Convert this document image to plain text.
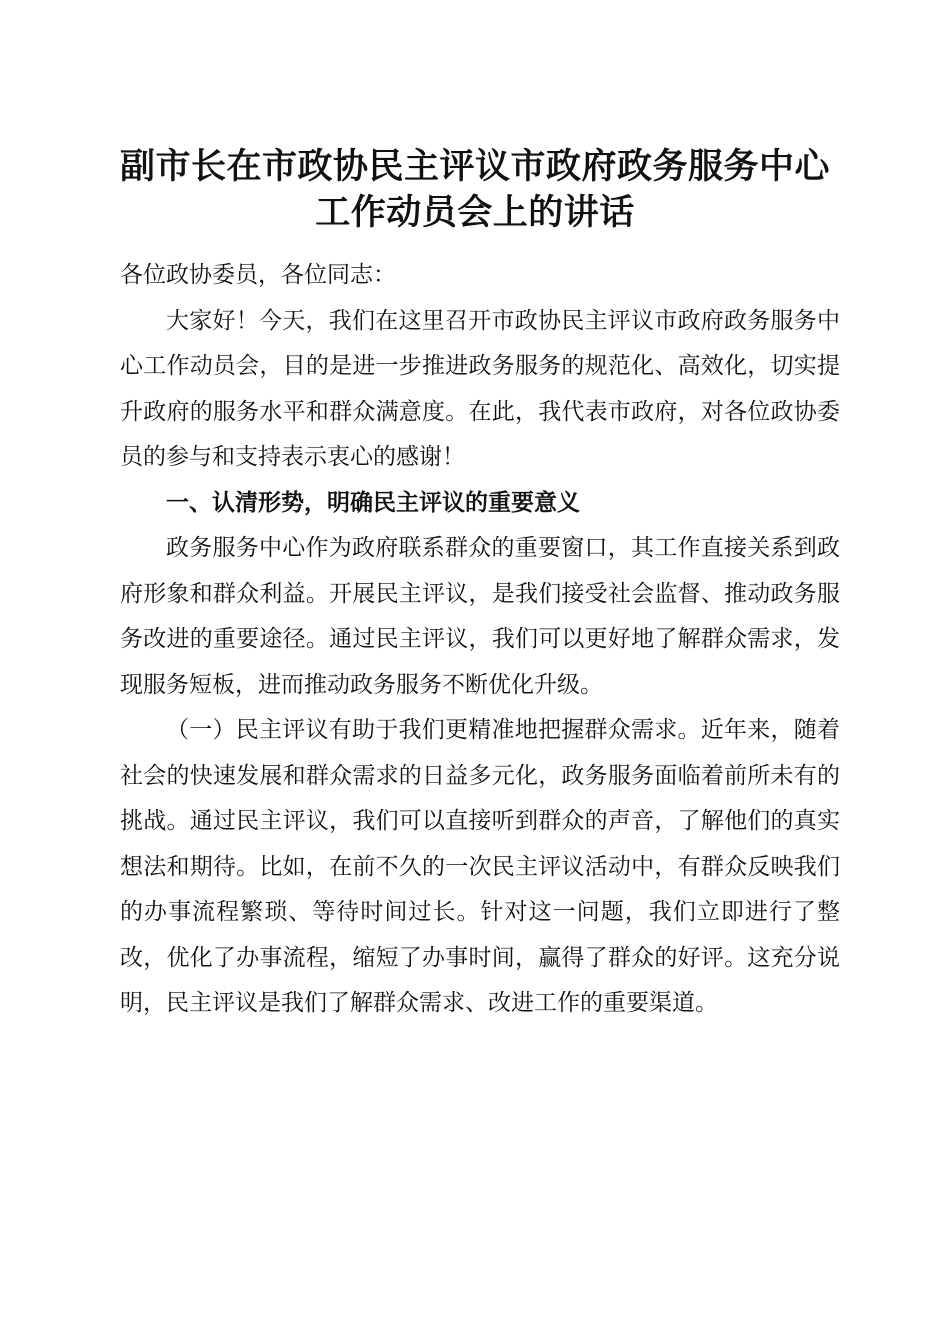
副市长在市政协民主评议市政府政务服务中心
工作动员会上的讲话

各位政协委员，各位同志：

大家好！今天，我们在这里召开市政协民主评议市政府政务服务中心工作动员会，目的是进一步推进政务服务的规范化、高效化，切实提升政府的服务水平和群众满意度。在此，我代表市政府，对各位政协委员的参与和支持表示衷心的感谢！

一、认清形势，明确民主评议的重要意义

政务服务中心作为政府联系群众的重要窗口，其工作直接关系到政府形象和群众利益。开展民主评议，是我们接受社会监督、推动政务服务改进的重要途径。通过民主评议，我们可以更好地了解群众需求，发现服务短板，进而推动政务服务不断优化升级。

（一）民主评议有助于我们更精准地把握群众需求。近年来，随着社会的快速发展和群众需求的日益多元化，政务服务面临着前所未有的挑战。通过民主评议，我们可以直接听到群众的声音，了解他们的真实想法和期待。比如，在前不久的一次民主评议活动中，有群众反映我们的办事流程繁琐、等待时间过长。针对这一问题，我们立即进行了整改，优化了办事流程，缩短了办事时间，赢得了群众的好评。这充分说明，民主评议是我们了解群众需求、改进工作的重要渠道。
